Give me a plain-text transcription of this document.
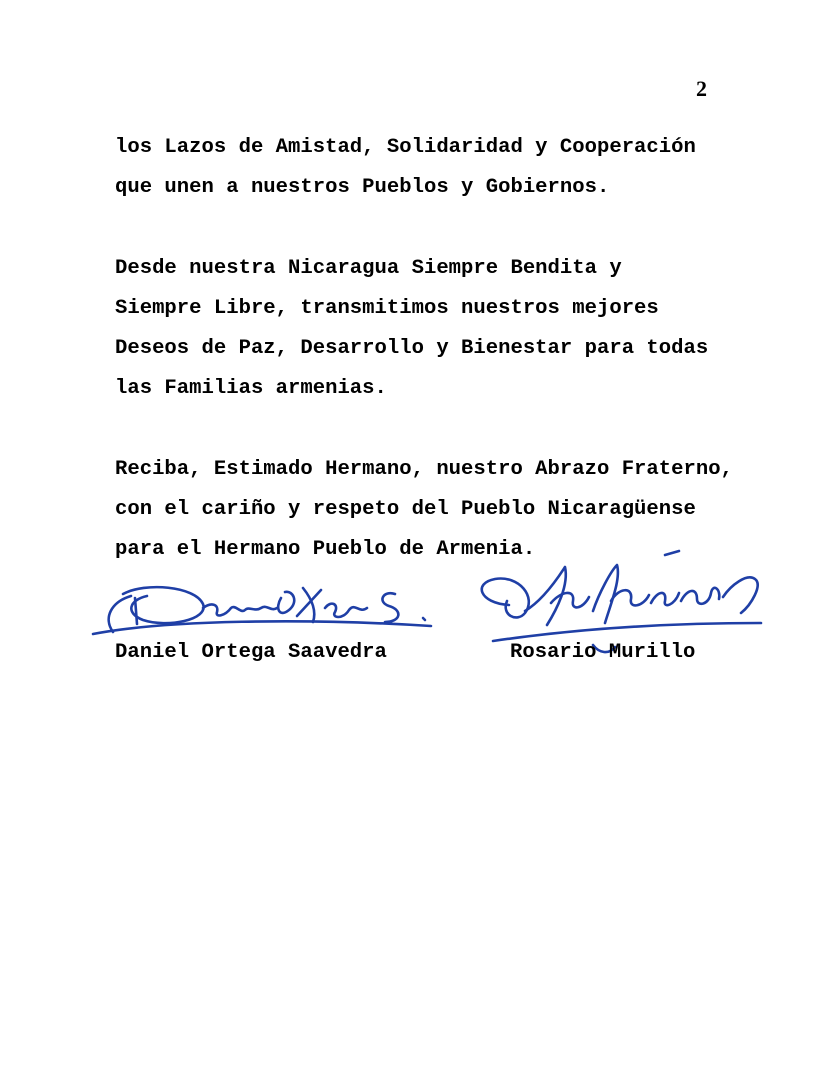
2
los Lazos de Amistad, Solidaridad y Cooperación
que unen a nuestros Pueblos y Gobiernos.
Desde nuestra Nicaragua Siempre Bendita y
Siempre Libre, transmitimos nuestros mejores
Deseos de Paz, Desarrollo y Bienestar para todas
las Familias armenias.
Reciba, Estimado Hermano, nuestro Abrazo Fraterno,
con el cariño y respeto del Pueblo Nicaragüense
para el Hermano Pueblo de Armenia.
Daniel Ortega Saavedra	Rosario Murillo
